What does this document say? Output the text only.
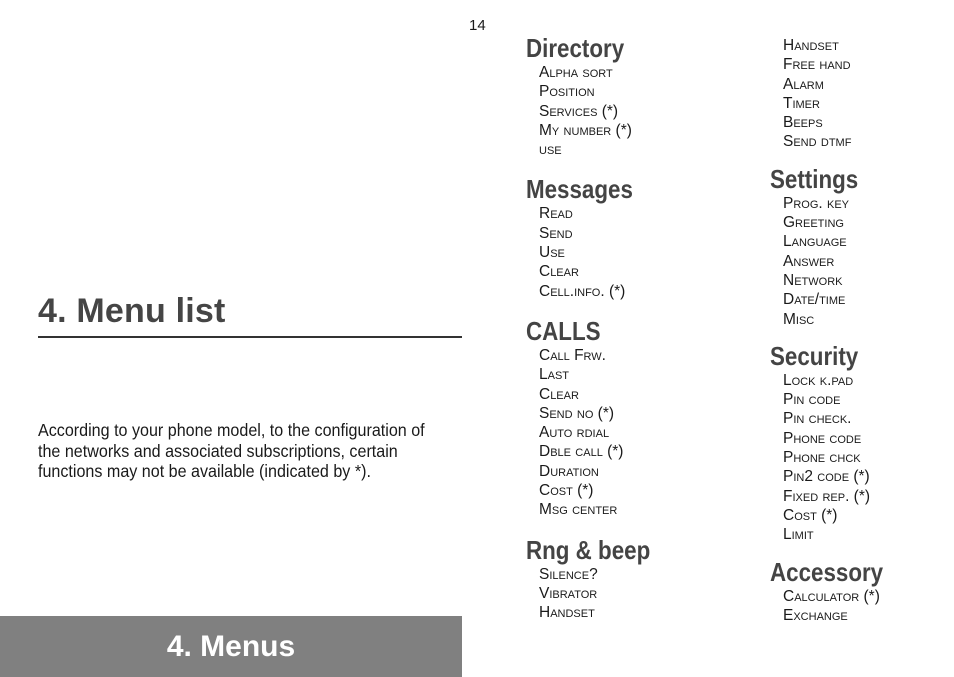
14
4. Menu list
According to your phone model, to the configuration of
the networks and associated subscriptions, certain
functions may not be available (indicated by *).
4. Menus
Directory
Alpha sort
Position
Services (*)
My number (*)
use
Messages
Read
Send
Use
Clear
Cell.info. (*)
CALLS
Call Frw.
Last
Clear
Send no (*)
Auto rdial
Dble call (*)
Duration
Cost (*)
Msg center
Rng & beep
Silence?
Vibrator
Handset
Handset
Free hand
Alarm
Timer
Beeps
Send dtmf
Settings
Prog. key
Greeting
Language
Answer
Network
Date/time
Misc
Security
Lock k.pad
Pin code
Pin check.
Phone code
Phone chck
Pin2 code (*)
Fixed rep. (*)
Cost (*)
Limit
Accessory
Calculator (*)
Exchange
